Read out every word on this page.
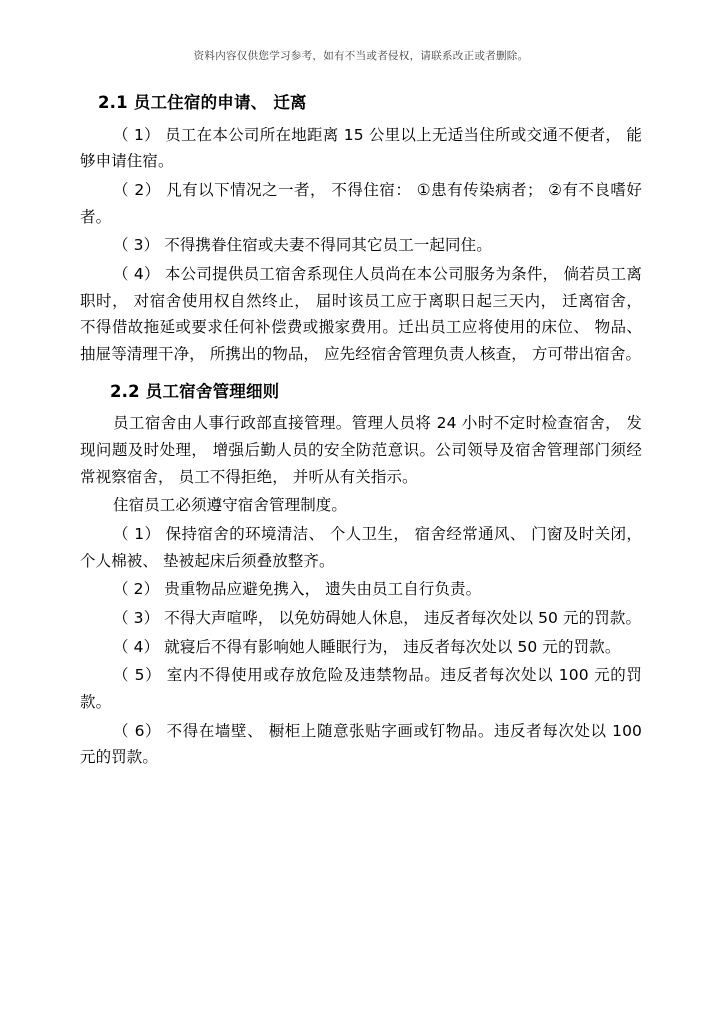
资料内容仅供您学习参考，如有不当或者侵权，请联系改正或者删除。
2.1 员工住宿的申请、 迁离

（ 1） 员工在本公司所在地距离 15 公里以上无适当住所或交通不便者， 能够申请住宿。

（ 2） 凡有以下情况之一者， 不得住宿： ①患有传染病者； ②有不良嗜好者。

（ 3） 不得携眷住宿或夫妻不得同其它员工一起同住。

（ 4） 本公司提供员工宿舍系现住人员尚在本公司服务为条件， 倘若员工离职时， 对宿舍使用权自然终止， 届时该员工应于离职日起三天内， 迁离宿舍， 不得借故拖延或要求任何补偿费或搬家费用。迁出员工应将使用的床位、 物品、 抽屉等清理干净， 所携出的物品， 应先经宿舍管理负责人核查， 方可带出宿舍。

2.2 员工宿舍管理细则

员工宿舍由人事行政部直接管理。管理人员将 24 小时不定时检查宿舍， 发现问题及时处理， 增强后勤人员的安全防范意识。公司领导及宿舍管理部门须经常视察宿舍， 员工不得拒绝， 并听从有关指示。

住宿员工必须遵守宿舍管理制度。

（ 1） 保持宿舍的环境清洁、 个人卫生， 宿舍经常通风、 门窗及时关闭， 个人棉被、 垫被起床后须叠放整齐。

（ 2） 贵重物品应避免携入， 遗失由员工自行负责。

（ 3） 不得大声喧哗， 以免妨碍她人休息， 违反者每次处以 50 元的罚款。

（ 4） 就寝后不得有影响她人睡眠行为， 违反者每次处以 50 元的罚款。

（ 5） 室内不得使用或存放危险及违禁物品。违反者每次处以 100 元的罚款。

（ 6） 不得在墙壁、 橱柜上随意张贴字画或钉物品。违反者每次处以 100 元的罚款。
